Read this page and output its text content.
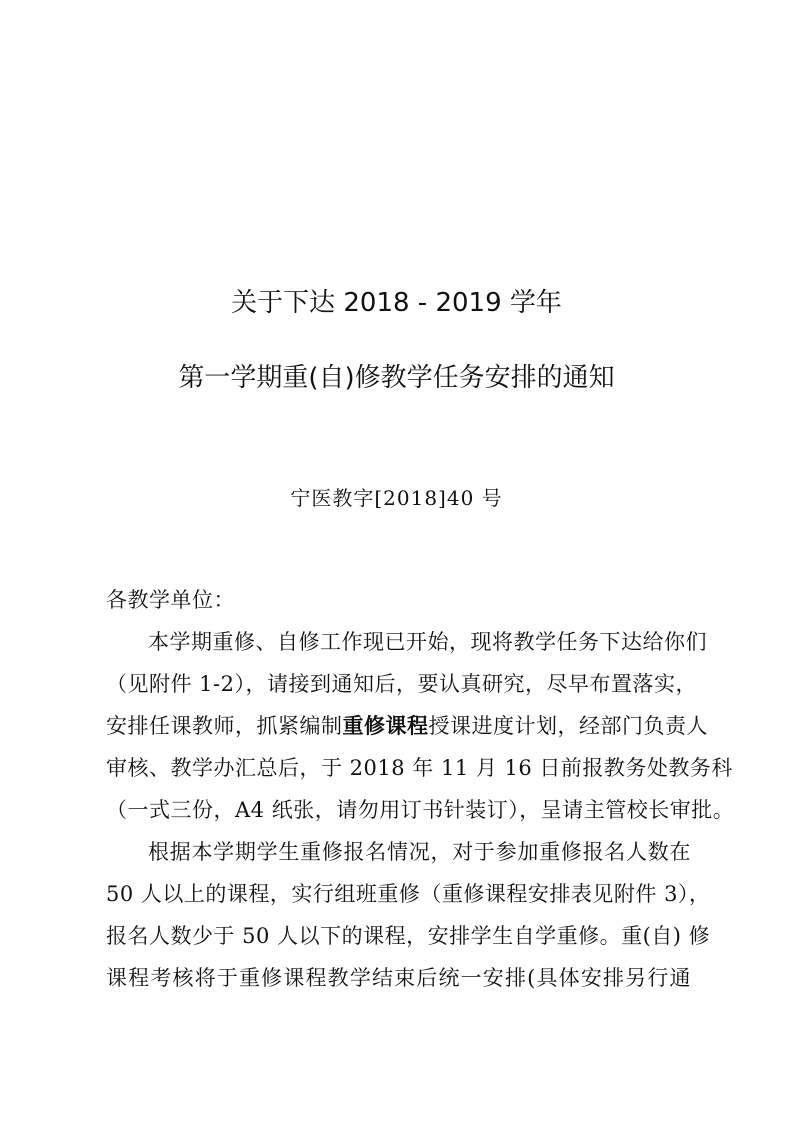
关于下达 2018 - 2019 学年
第一学期重(自)修教学任务安排的通知
宁医教字[2018]40 号
各教学单位：
本学期重修、自修工作现已开始，现将教学任务下达给你们
（见附件 1-2），请接到通知后，要认真研究，尽早布置落实，
安排任课教师，抓紧编制重修课程授课进度计划，经部门负责人
审核、教学办汇总后，于 2018 年 11 月 16 日前报教务处教务科
（一式三份，A4 纸张，请勿用订书针装订），呈请主管校长审批。
根据本学期学生重修报名情况，对于参加重修报名人数在
50 人以上的课程，实行组班重修（重修课程安排表见附件 3），
报名人数少于 50 人以下的课程，安排学生自学重修。重(自) 修
课程考核将于重修课程教学结束后统一安排(具体安排另行通
